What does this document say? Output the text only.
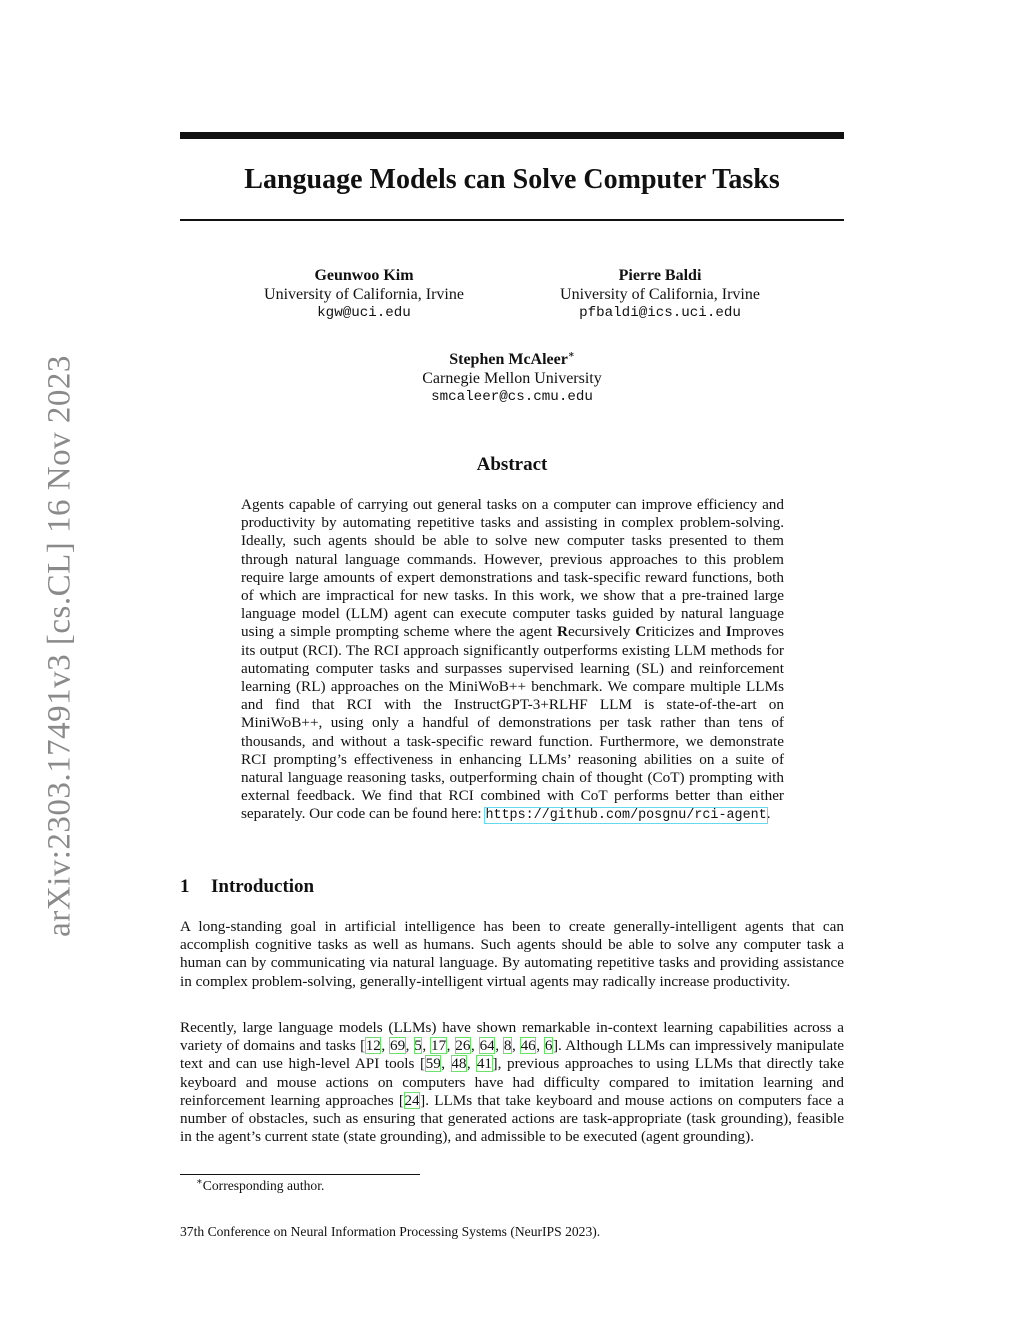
arXiv:2303.17491v3 [cs.CL] 16 Nov 2023
Language Models can Solve Computer Tasks
Geunwoo Kim
University of California, Irvine
kgw@uci.edu
Pierre Baldi
University of California, Irvine
pfbaldi@ics.uci.edu
Stephen McAleer∗
Carnegie Mellon University
smcaleer@cs.cmu.edu
Abstract
Agents capable of carrying out general tasks on a computer can improve efficiency and productivity by automating repetitive tasks and assisting in complex problem-solving. Ideally, such agents should be able to solve new computer tasks presented to them through natural language commands. However, previous approaches to this problem require large amounts of expert demonstrations and task-specific reward functions, both of which are impractical for new tasks. In this work, we show that a pre-trained large language model (LLM) agent can execute computer tasks guided by natural language using a simple prompting scheme where the agent Recursively Criticizes and Improves its output (RCI). The RCI approach significantly outperforms existing LLM methods for automating computer tasks and surpasses supervised learning (SL) and reinforcement learning (RL) approaches on the MiniWoB++ benchmark. We compare multiple LLMs and find that RCI with the InstructGPT-3+RLHF LLM is state-of-the-art on MiniWoB++, using only a handful of demonstrations per task rather than tens of thousands, and without a task-specific reward function. Furthermore, we demonstrate RCI prompting’s effectiveness in enhancing LLMs’ reasoning abilities on a suite of natural language reasoning tasks, outperforming chain of thought (CoT) prompting with external feedback. We find that RCI combined with CoT performs better than either separately. Our code can be found here: https://github.com/posgnu/rci-agent.
1 Introduction
A long-standing goal in artificial intelligence has been to create generally-intelligent agents that can accomplish cognitive tasks as well as humans. Such agents should be able to solve any computer task a human can by communicating via natural language. By automating repetitive tasks and providing assistance in complex problem-solving, generally-intelligent virtual agents may radically increase productivity.
Recently, large language models (LLMs) have shown remarkable in-context learning capabilities across a variety of domains and tasks [12, 69, 5, 17, 26, 64, 8, 46, 6]. Although LLMs can impressively manipulate text and can use high-level API tools [59, 48, 41], previous approaches to using LLMs that directly take keyboard and mouse actions on computers have had difficulty compared to imitation learning and reinforcement learning approaches [24]. LLMs that take keyboard and mouse actions on computers face a number of obstacles, such as ensuring that generated actions are task-appropriate (task grounding), feasible in the agent’s current state (state grounding), and admissible to be executed (agent grounding).
∗Corresponding author.
37th Conference on Neural Information Processing Systems (NeurIPS 2023).
